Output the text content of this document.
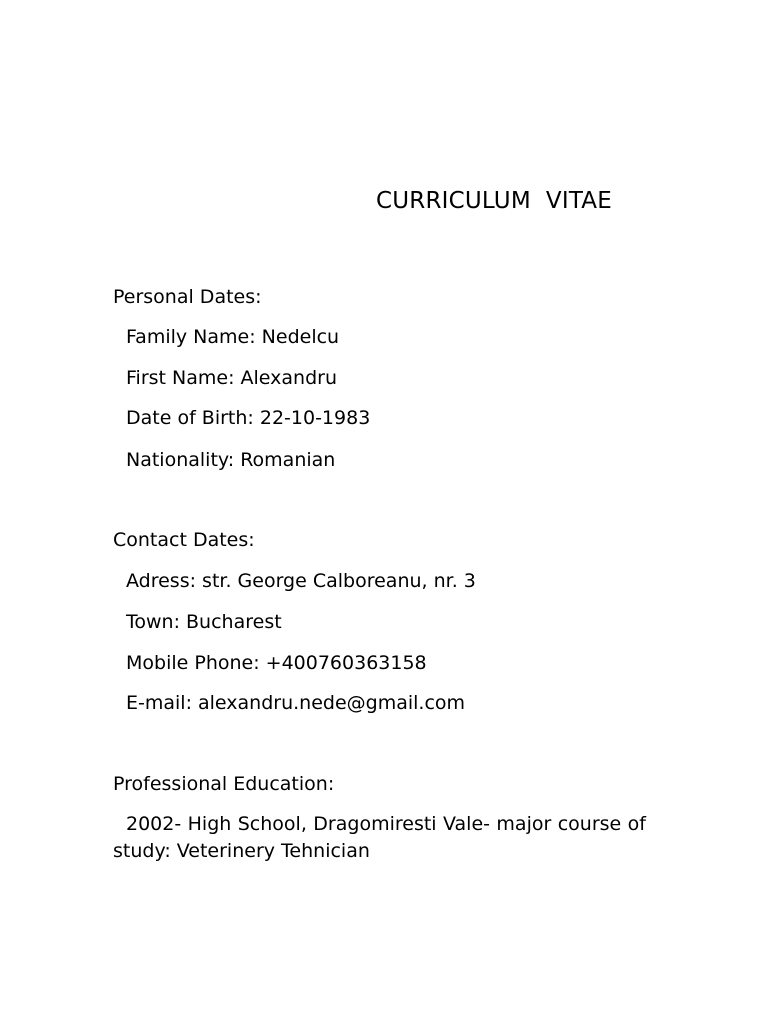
CURRICULUM  VITAE
Personal Dates:
Family Name: Nedelcu
First Name: Alexandru
Date of Birth: 22-10-1983
Nationality: Romanian
Contact Dates:
Adress: str. George Calboreanu, nr. 3
Town: Bucharest
Mobile Phone: +400760363158
E-mail: alexandru.nede@gmail.com
Professional Education:
2002- High School, Dragomiresti Vale- major course of study: Veterinery Tehnician
